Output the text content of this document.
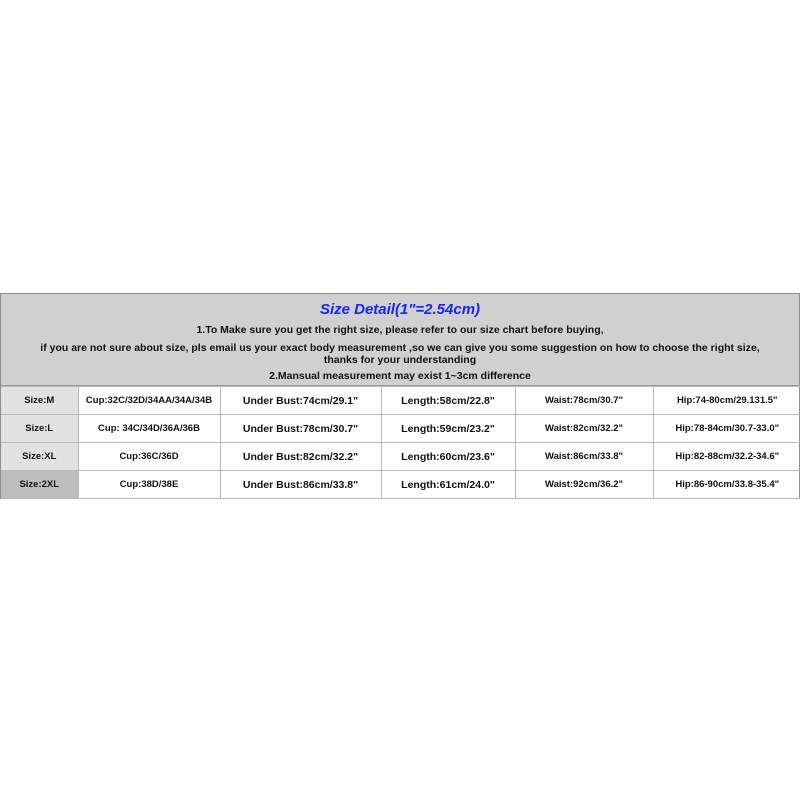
Size Detail(1"=2.54cm)
1.To Make sure you get the right size, please refer to our size chart before buying,
if you are not sure about size, pls email us your exact body measurement ,so we can give you some suggestion on how to choose the right size, thanks for your understanding
2.Mansual measurement may exist 1~3cm difference
Size:M	Cup:32C/32D/34AA/34A/34B	Under Bust:74cm/29.1"	Length:58cm/22.8"	Waist:78cm/30.7"	Hip:74-80cm/29.131.5"
Size:L	Cup: 34C/34D/36A/36B	Under Bust:78cm/30.7"	Length:59cm/23.2"	Waist:82cm/32.2"	Hip:78-84cm/30.7-33.0"
Size:XL	Cup:36C/36D	Under Bust:82cm/32.2"	Length:60cm/23.6"	Waist:86cm/33.8"	Hip:82-88cm/32.2-34.6"
Size:2XL	Cup:38D/38E	Under Bust:86cm/33.8"	Length:61cm/24.0"	Waist:92cm/36.2"	Hip:86-90cm/33.8-35.4"
